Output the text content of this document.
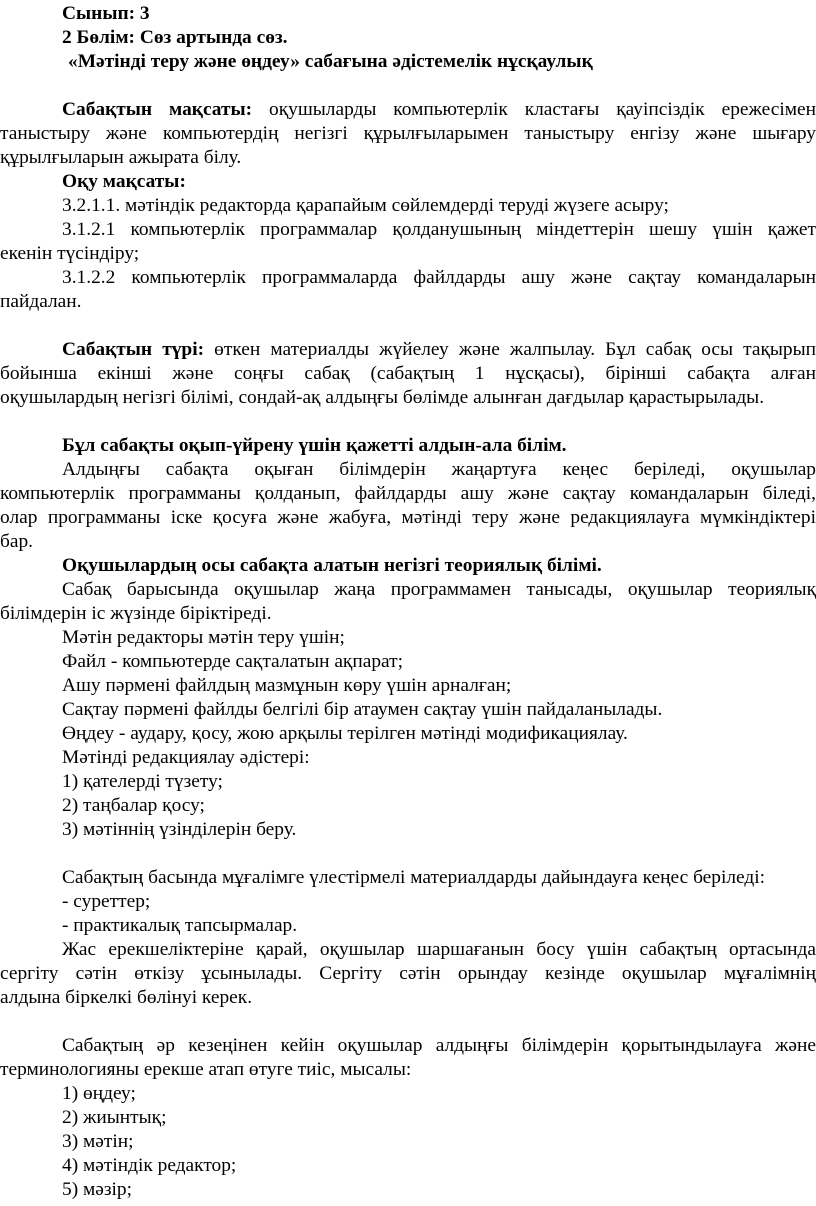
Сынып: 3
2 Бөлім: Сөз артында сөз.
«Мәтінді теру және өңдеу» сабағына әдістемелік нұсқаулық
Сабақтын мақсаты: оқушыларды компьютерлік кластағы қауіпсіздік ережесімен
таныстыру және компьютердің негізгі құрылғыларымен таныстыру енгізу және шығару
құрылғыларын ажырата білу.
Оқу мақсаты:
3.2.1.1. мәтіндік редакторда қарапайым сөйлемдерді теруді жүзеге асыру;
3.1.2.1 компьютерлік программалар қолданушының міндеттерін шешу үшін қажет
екенін түсіндіру;
3.1.2.2 компьютерлік программаларда файлдарды ашу және сақтау командаларын
пайдалан.
Сабақтын түрі: өткен материалды жүйелеу және жалпылау. Бұл сабақ осы тақырып
бойынша екінші және соңғы сабақ (сабақтың 1 нұсқасы), бірінші сабақта алған
оқушылардың негізгі білімі, сондай-ақ алдыңғы бөлімде алынған дағдылар қарастырылады.
Бұл сабақты оқып-үйрену үшін қажетті алдын-ала білім.
Алдыңғы сабақта оқыған білімдерін жаңартуға кеңес беріледі, оқушылар
компьютерлік программаны қолданып, файлдарды ашу және сақтау командаларын біледі,
олар программаны іске қосуға және жабуға, мәтінді теру және редакциялауға мүмкіндіктері
бар.
Оқушылардың осы сабақта алатын негізгі теориялық білімі.
Сабақ барысында оқушылар жаңа программамен танысады, оқушылар теориялық
білімдерін іс жүзінде біріктіреді.
Мәтін редакторы мәтін теру үшін;
Файл - компьютерде сақталатын ақпарат;
Ашу пәрмені файлдың мазмұнын көру үшін арналған;
Сақтау пәрмені файлды белгілі бір атаумен сақтау үшін пайдаланылады.
Өңдеу - аудару, қосу, жою арқылы терілген мәтінді модификациялау.
Мәтінді редакциялау әдістері:
1) қателерді түзету;
2) таңбалар қосу;
3) мәтіннің үзінділерін беру.
Сабақтың басында мұғалімге үлестірмелі материалдарды дайындауға кеңес беріледі:
- суреттер;
- практикалық тапсырмалар.
Жас ерекшеліктеріне қарай, оқушылар шаршағанын босу үшін сабақтың ортасында
сергіту сәтін өткізу ұсынылады. Сергіту сәтін орындау кезінде оқушылар мұғалімнің
алдына біркелкі бөлінуі керек.
Сабақтың әр кезеңінен кейін оқушылар алдыңғы білімдерін қорытындылауға және
терминологияны ерекше атап өтуге тиіс, мысалы:
1) өңдеу;
2) жиынтық;
3) мәтін;
4) мәтіндік редактор;
5) мәзір;
